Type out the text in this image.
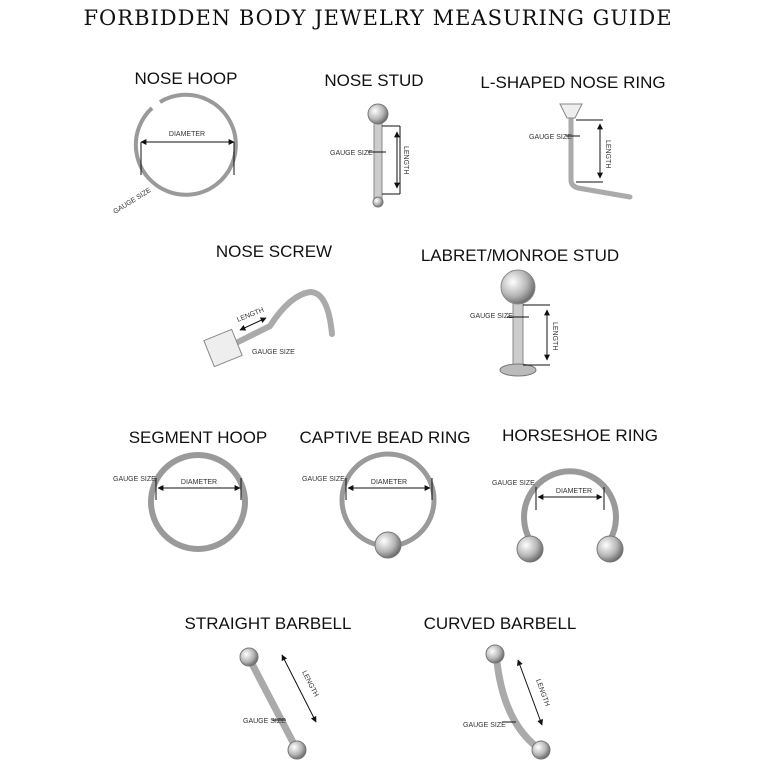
FORBIDDEN BODY JEWELRY MEASURING GUIDE
NOSE HOOP
DIAMETER
GAUGE SIZE
NOSE STUD
GAUGE SIZE	LENGTH
L-SHAPED NOSE RING
GAUGE SIZE
LENGTH
NOSE SCREW
LENGTH
GAUGE SIZE
LABRET/MONROE STUD
GAUGE SIZE
LENGTH
SEGMENT HOOP
DIAMETER
GAUGE SIZE
CAPTIVE BEAD RING
DIAMETER
GAUGE SIZE
HORSESHOE RING
DIAMETER
GAUGE SIZE
STRAIGHT BARBELL
LENGTH
GAUGE SIZE
CURVED BARBELL
LENGTH
GAUGE SIZE
